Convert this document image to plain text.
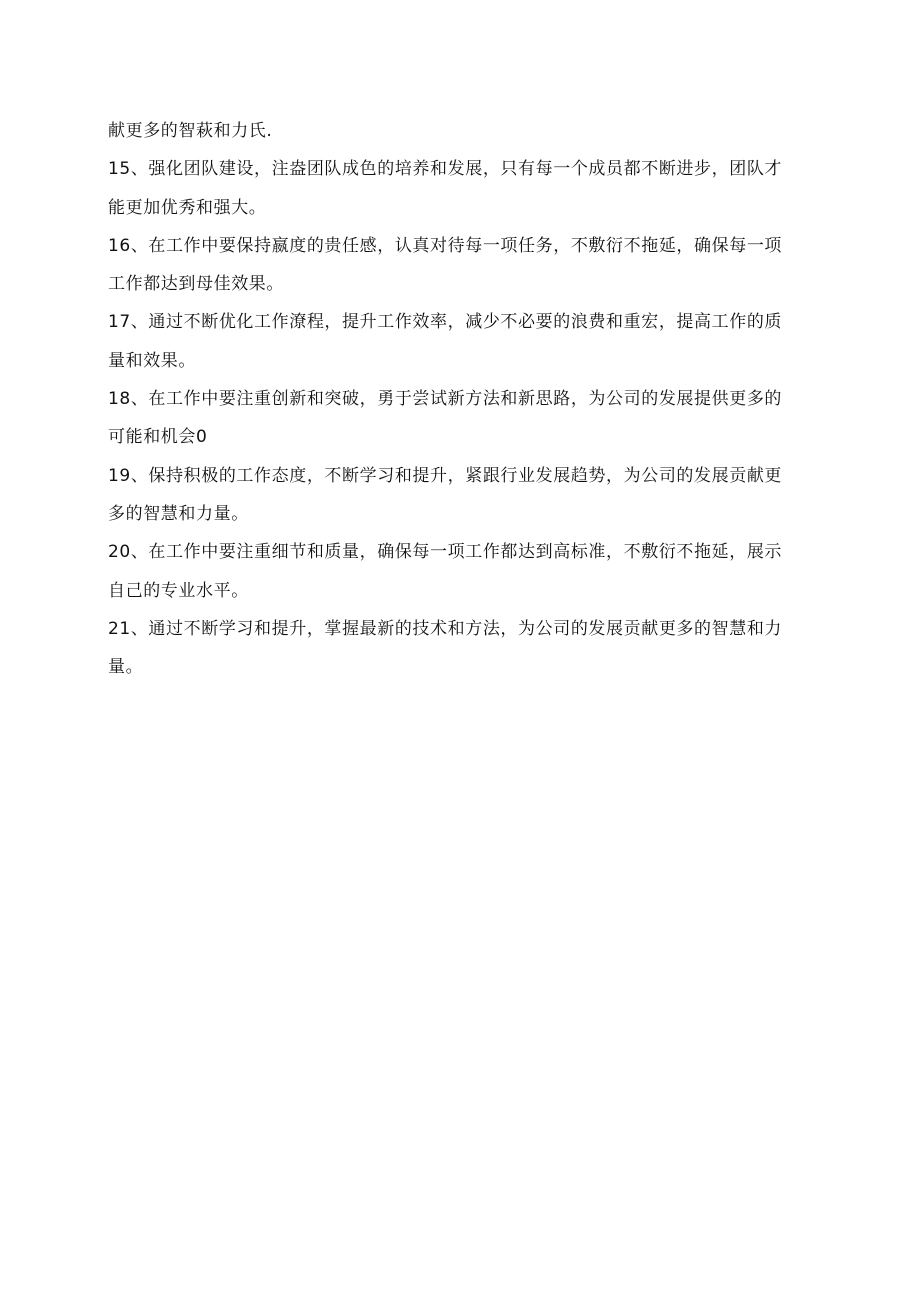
献更多的智萩和力氏.

15、强化团队建设，注盎团队成色的培养和发展，只有每一个成员都不断进步，团队才

能更加优秀和强大。

16、在工作中要保持嬴度的贵任感，认真对待每一项任务，不敷衍不拖延，确保每一项

工作都达到母佳效果。

17、通过不断优化工作潦程，提升工作效率，减少不必要的浪费和重宏，提高工作的质

量和效果。

18、在工作中要注重创新和突破，勇于尝试新方法和新思路，为公司的发展提供更多的

可能和机会0

19、保持积极的工作态度，不断学习和提升，紧跟行业发展趋势，为公司的发展贡献更

多的智慧和力量。

20、在工作中要注重细节和质量，确保每一项工作都达到高标准，不敷衍不拖延，展示

自己的专业水平。

21、通过不断学习和提升，掌握最新的技术和方法，为公司的发展贡献更多的智慧和力

量。
